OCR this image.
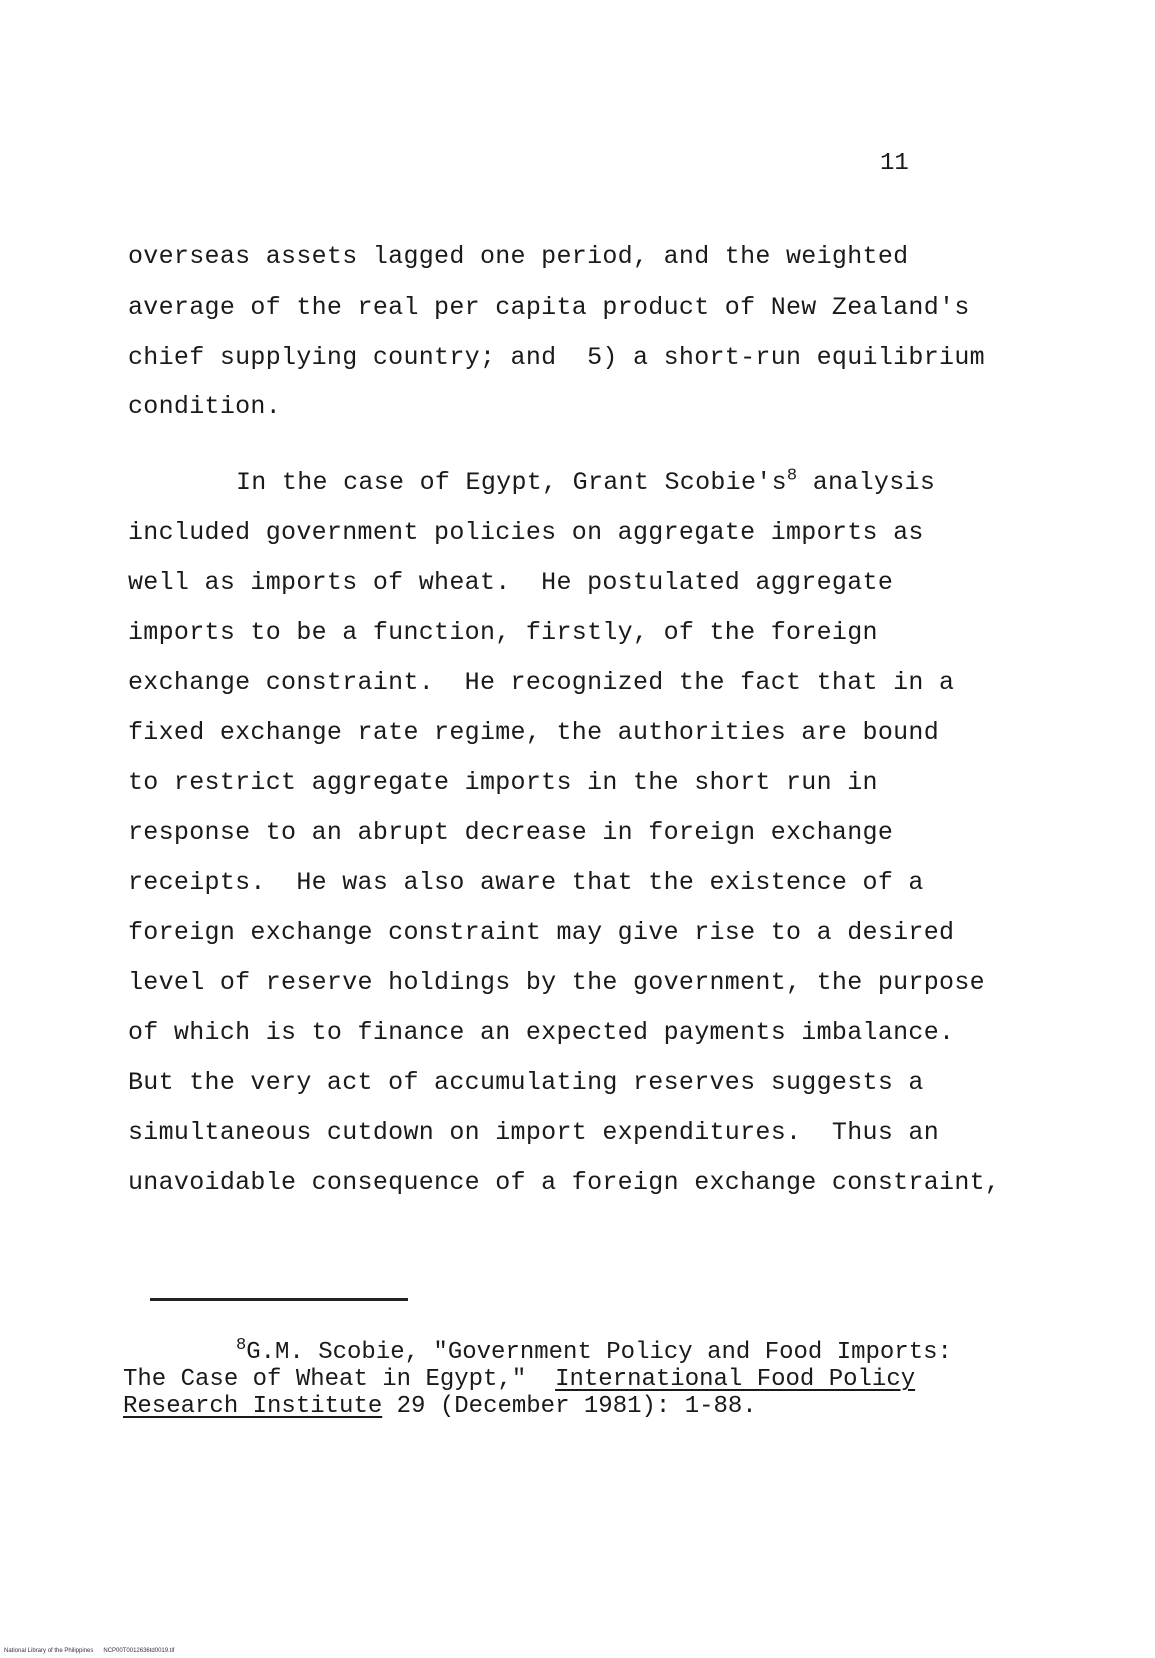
11
overseas assets lagged one period, and the weighted
average of the real per capita product of New Zealand's
chief supplying country; and  5) a short-run equilibrium
condition.
In the case of Egypt, Grant $Scobie's^8$ analysis
included government policies on aggregate imports as
well as imports of wheat.  He postulated aggregate
imports to be a function, firstly, of the foreign
exchange constraint.  He recognized the fact that in a
fixed exchange rate regime, the authorities are bound
to restrict aggregate imports in the short run in
response to an abrupt decrease in foreign exchange
receipts.  He was also aware that the existence of a
foreign exchange constraint may give rise to a desired
level of reserve holdings by the government, the purpose
of which is to finance an expected payments imbalance.
But the very act of accumulating reserves suggests a
simultaneous cutdown on import expenditures.  Thus an
unavoidable consequence of a foreign exchange constraint,
$^8$G.M. Scobie, "Government Policy and Food Imports:
The Case of Wheat in Egypt,"  International Food Policy
Research Institute 29 (December 1981): 1-88.
National Library of the Philippines      NCP00T0012636td0019.tif
